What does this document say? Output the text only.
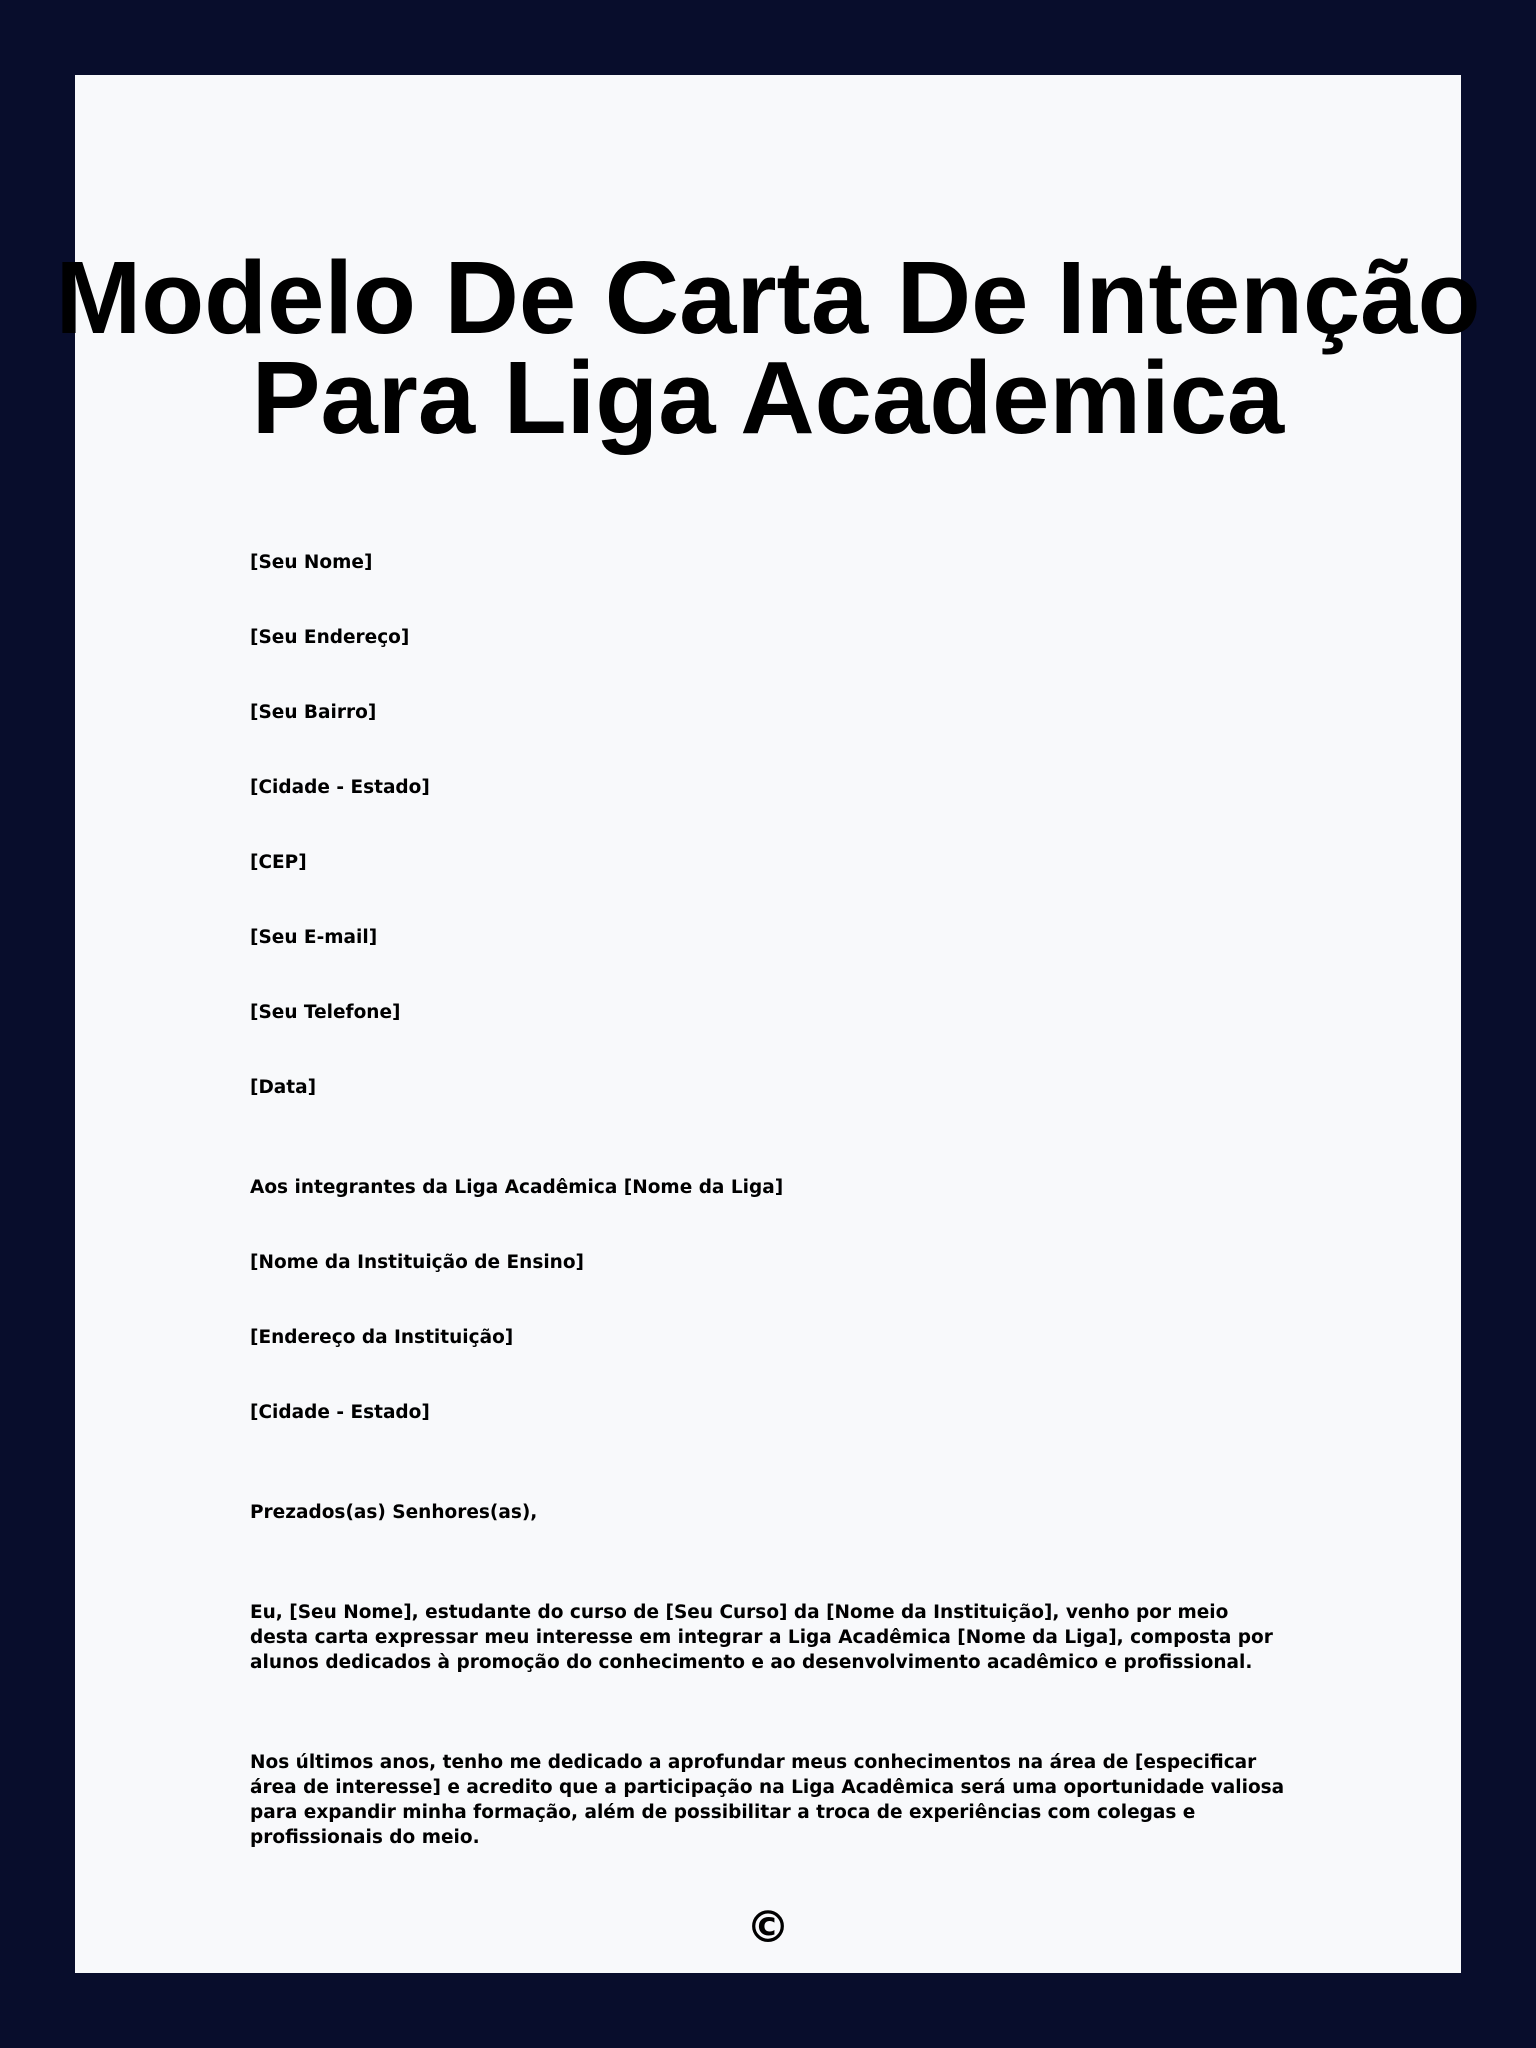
Modelo De Carta De Intenção
Para Liga Academica

[Seu Nome]

[Seu Endereço]

[Seu Bairro]

[Cidade - Estado]

[CEP]

[Seu E-mail]

[Seu Telefone]

[Data]

Aos integrantes da Liga Acadêmica [Nome da Liga]

[Nome da Instituição de Ensino]

[Endereço da Instituição]

[Cidade - Estado]

Prezados(as) Senhores(as),

Eu, [Seu Nome], estudante do curso de [Seu Curso] da [Nome da Instituição], venho por meio desta carta expressar meu interesse em integrar a Liga Acadêmica [Nome da Liga], composta por alunos dedicados à promoção do conhecimento e ao desenvolvimento acadêmico e profissional.

Nos últimos anos, tenho me dedicado a aprofundar meus conhecimentos na área de [especificar área de interesse] e acredito que a participação na Liga Acadêmica será uma oportunidade valiosa para expandir minha formação, além de possibilitar a troca de experiências com colegas e profissionais do meio.

©
